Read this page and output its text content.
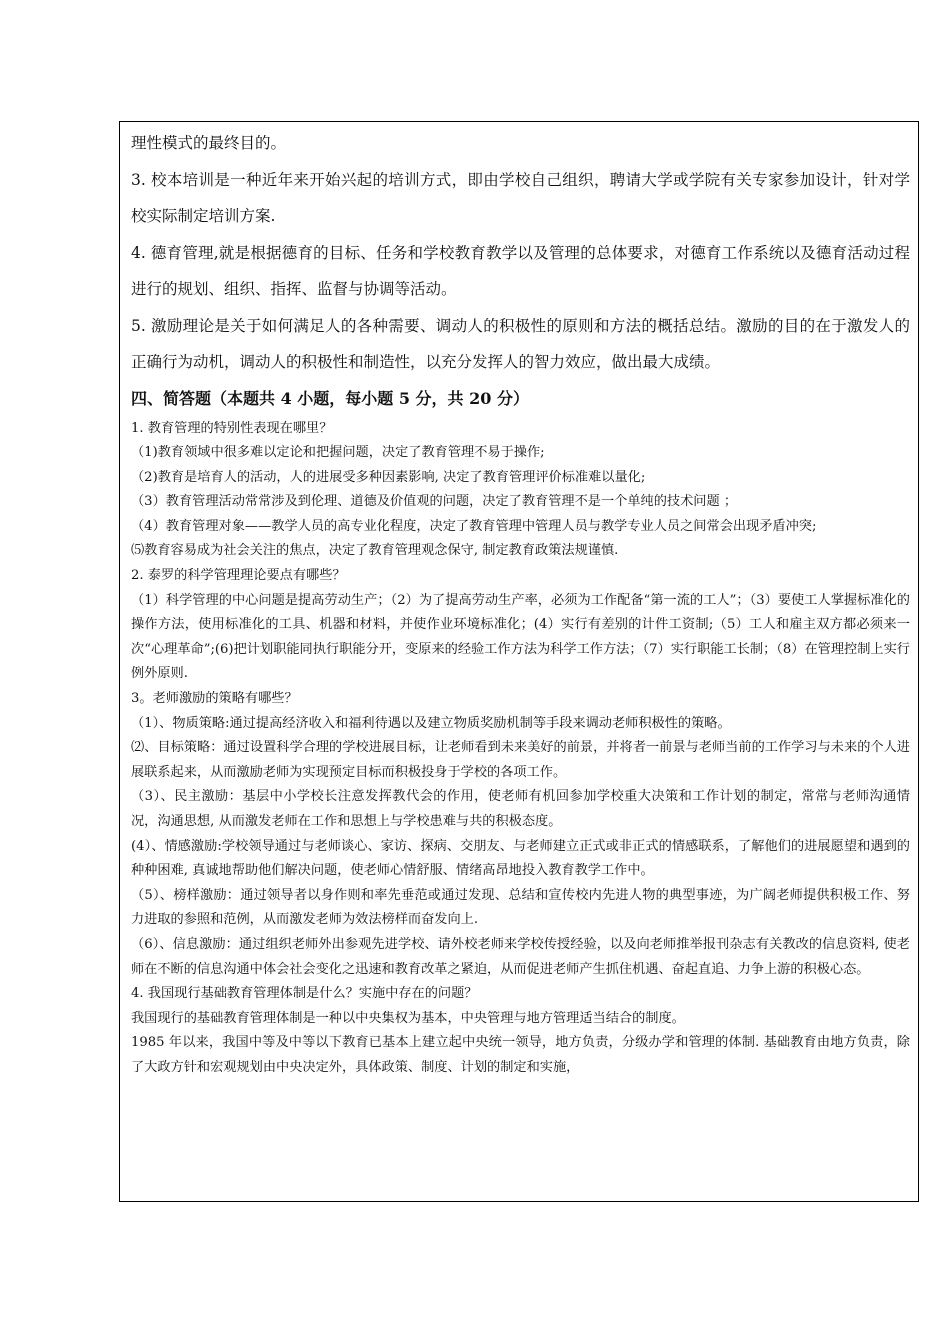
理性模式的最终目的。

3. 校本培训是一种近年来开始兴起的培训方式，即由学校自己组织，聘请大学或学院有关专家参加设计，针对学校实际制定培训方案.

4. 德育管理,就是根据德育的目标、任务和学校教育教学以及管理的总体要求，对德育工作系统以及德育活动过程进行的规划、组织、指挥、监督与协调等活动。

5. 激励理论是关于如何满足人的各种需要、调动人的积极性的原则和方法的概括总结。激励的目的在于激发人的正确行为动机，调动人的积极性和制造性，以充分发挥人的智力效应，做出最大成绩。

四、简答题（本题共 4 小题，每小题 5 分，共 20 分）

1. 教育管理的特别性表现在哪里？

（1)教育领域中很多难以定论和把握问题，决定了教育管理不易于操作;

（2)教育是培育人的活动，人的进展受多种因素影响, 决定了教育管理评价标准难以量化;

（3）教育管理活动常常涉及到伦理、道德及价值观的问题，决定了教育管理不是一个单纯的技术问题 ；

（4）教育管理对象——教学人员的高专业化程度，决定了教育管理中管理人员与教学专业人员之间常会出现矛盾冲突;

⑸教育容易成为社会关注的焦点，决定了教育管理观念保守, 制定教育政策法规谨慎.

2. 泰罗的科学管理理论要点有哪些？

（1）科学管理的中心问题是提高劳动生产；（2）为了提高劳动生产率，必须为工作配备“第一流的工人”；（3）要使工人掌握标准化的操作方法，使用标准化的工具、机器和材料，并使作业环境标准化；(4）实行有差别的计件工资制;（5）工人和雇主双方都必须来一次“心理革命”;(6)把计划职能同执行职能分开，变原来的经验工作方法为科学工作方法；（7）实行职能工长制；（8）在管理控制上实行例外原则.

3。老师激励的策略有哪些？

（1）、物质策略:通过提高经济收入和福利待遇以及建立物质奖励机制等手段来调动老师积极性的策略。

⑵、目标策略：通过设置科学合理的学校进展目标，让老师看到未来美好的前景，并将者一前景与老师当前的工作学习与未来的个人进展联系起来，从而激励老师为实现预定目标而积极投身于学校的各项工作。

（3）、民主激励：基层中小学校长注意发挥教代会的作用，使老师有机回参加学校重大决策和工作计划的制定，常常与老师沟通情况，沟通思想, 从而激发老师在工作和思想上与学校患难与共的积极态度。

(4）、情感激励:学校领导通过与老师谈心、家访、探病、交朋友、与老师建立正式或非正式的情感联系，了解他们的进展愿望和遇到的种种困难, 真诚地帮助他们解决问题，使老师心情舒服、情绪高昂地投入教育教学工作中。

（5）、榜样激励：通过领导者以身作则和率先垂范或通过发现、总结和宣传校内先进人物的典型事迹，为广阔老师提供积极工作、努力进取的参照和范例，从而激发老师为效法榜样而奋发向上.

（6）、信息激励：通过组织老师外出参观先进学校、请外校老师来学校传授经验，以及向老师推举报刊杂志有关教改的信息资料, 使老师在不断的信息沟通中体会社会变化之迅速和教育改革之紧迫，从而促进老师产生抓住机遇、奋起直追、力争上游的积极心态。

4. 我国现行基础教育管理体制是什么？实施中存在的问题？

我国现行的基础教育管理体制是一种以中央集权为基本，中央管理与地方管理适当结合的制度。

1985 年以来，我国中等及中等以下教育已基本上建立起中央统一领导，地方负责，分级办学和管理的体制. 基础教育由地方负责，除了大政方针和宏观规划由中央决定外，具体政策、制度、计划的制定和实施，
